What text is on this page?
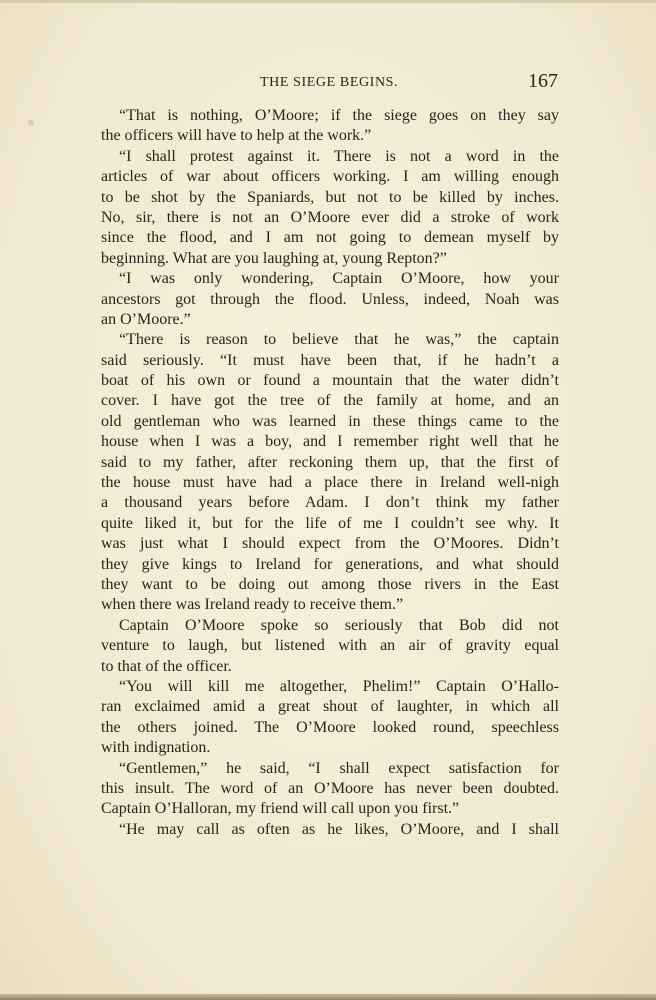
THE SIEGE BEGINS.	167
“That is nothing, O’Moore; if the siege goes on they say
the officers will have to help at the work.”
“I shall protest against it. There is not a word in the
articles of war about officers working. I am willing enough
to be shot by the Spaniards, but not to be killed by inches.
No, sir, there is not an O’Moore ever did a stroke of work
since the flood, and I am not going to demean myself by
beginning. What are you laughing at, young Repton?”
“I was only wondering, Captain O’Moore, how your
ancestors got through the flood. Unless, indeed, Noah was
an O’Moore.”
“There is reason to believe that he was,” the captain
said seriously. “It must have been that, if he hadn’t a
boat of his own or found a mountain that the water didn’t
cover. I have got the tree of the family at home, and an
old gentleman who was learned in these things came to the
house when I was a boy, and I remember right well that he
said to my father, after reckoning them up, that the first of
the house must have had a place there in Ireland well-nigh
a thousand years before Adam. I don’t think my father
quite liked it, but for the life of me I couldn’t see why. It
was just what I should expect from the O’Moores. Didn’t
they give kings to Ireland for generations, and what should
they want to be doing out among those rivers in the East
when there was Ireland ready to receive them.”
Captain O’Moore spoke so seriously that Bob did not
venture to laugh, but listened with an air of gravity equal
to that of the officer.
“You will kill me altogether, Phelim!” Captain O’Hallo-
ran exclaimed amid a great shout of laughter, in which all
the others joined. The O’Moore looked round, speechless
with indignation.
“Gentlemen,” he said, “I shall expect satisfaction for
this insult. The word of an O’Moore has never been doubted.
Captain O’Halloran, my friend will call upon you first.”
“He may call as often as he likes, O’Moore, and I shall
